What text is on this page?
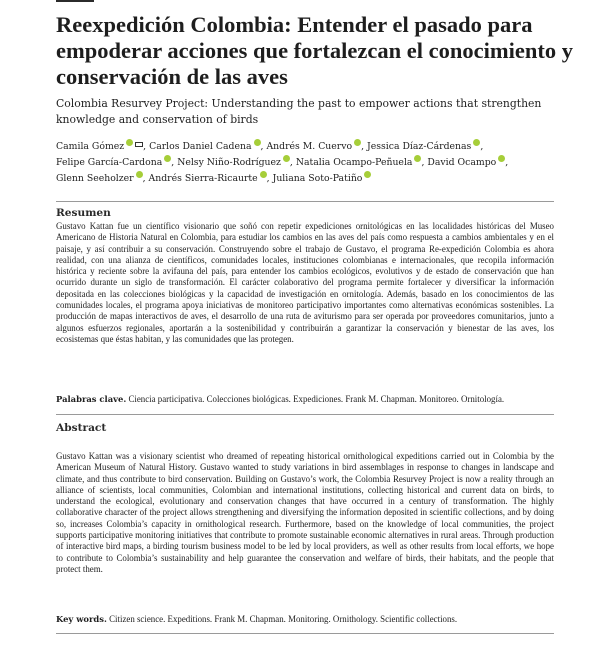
Reexpedición Colombia: Entender el pasado para empoderar acciones que fortalezcan el conocimiento y conservación de las aves

Colombia Resurvey Project: Understanding the past to empower actions that strengthen knowledge and conservation of birds

Camila Gómez , Carlos Daniel Cadena , Andrés M. Cuervo , Jessica Díaz-Cárdenas , Felipe García-Cardona , Nelsy Niño-Rodríguez , Natalia Ocampo-Peñuela , David Ocampo , Glenn Seeholzer , Andrés Sierra-Ricaurte , Juliana Soto-Patiño
Resumen

Gustavo Kattan fue un científico visionario que soñó con repetir expediciones ornitológicas en las localidades históricas del Museo Americano de Historia Natural en Colombia, para estudiar los cambios en las aves del país como respuesta a cambios ambientales y en el paisaje, y así contribuir a su conservación. Construyendo sobre el trabajo de Gustavo, el programa Re-expedición Colombia es ahora realidad, con una alianza de científicos, comunidades locales, instituciones colombianas e internacionales, que recopila información histórica y reciente sobre la avifauna del país, para entender los cambios ecológicos, evolutivos y de estado de conservación que han ocurrido durante un siglo de transformación. El carácter colaborativo del programa permite fortalecer y diversificar la información depositada en las colecciones biológicas y la capacidad de investigación en ornitología. Además, basado en los conocimientos de las comunidades locales, el programa apoya iniciativas de monitoreo participativo importantes como alternativas económicas sostenibles. La producción de mapas interactivos de aves, el desarrollo de una ruta de aviturismo para ser operada por proveedores comunitarios, junto a algunos esfuerzos regionales, aportarán a la sostenibilidad y contribuirán a garantizar la conservación y bienestar de las aves, los ecosistemas que éstas habitan, y las comunidades que las protegen.

Palabras clave. Ciencia participativa. Colecciones biológicas. Expediciones. Frank M. Chapman. Monitoreo. Ornitología.

Abstract

Gustavo Kattan was a visionary scientist who dreamed of repeating historical ornithological expeditions carried out in Colombia by the American Museum of Natural History. Gustavo wanted to study variations in bird assemblages in response to changes in landscape and climate, and thus contribute to bird conservation. Building on Gustavo’s work, the Colombia Resurvey Project is now a reality through an alliance of scientists, local communities, Colombian and international institutions, collecting historical and current data on birds, to understand the ecological, evolutionary and conservation changes that have occurred in a century of transformation. The highly collaborative character of the project allows strengthening and diversifying the information deposited in scientific collections, and by doing so, increases Colombia’s capacity in ornithological research. Furthermore, based on the knowledge of local communities, the project supports participative monitoring initiatives that contribute to promote sustainable economic alternatives in rural areas. Through production of interactive bird maps, a birding tourism business model to be led by local providers, as well as other results from local efforts, we hope to contribute to Colombia’s sustainability and help guarantee the conservation and welfare of birds, their habitats, and the people that protect them.

Key words. Citizen science. Expeditions. Frank M. Chapman. Monitoring. Ornithology. Scientific collections.
